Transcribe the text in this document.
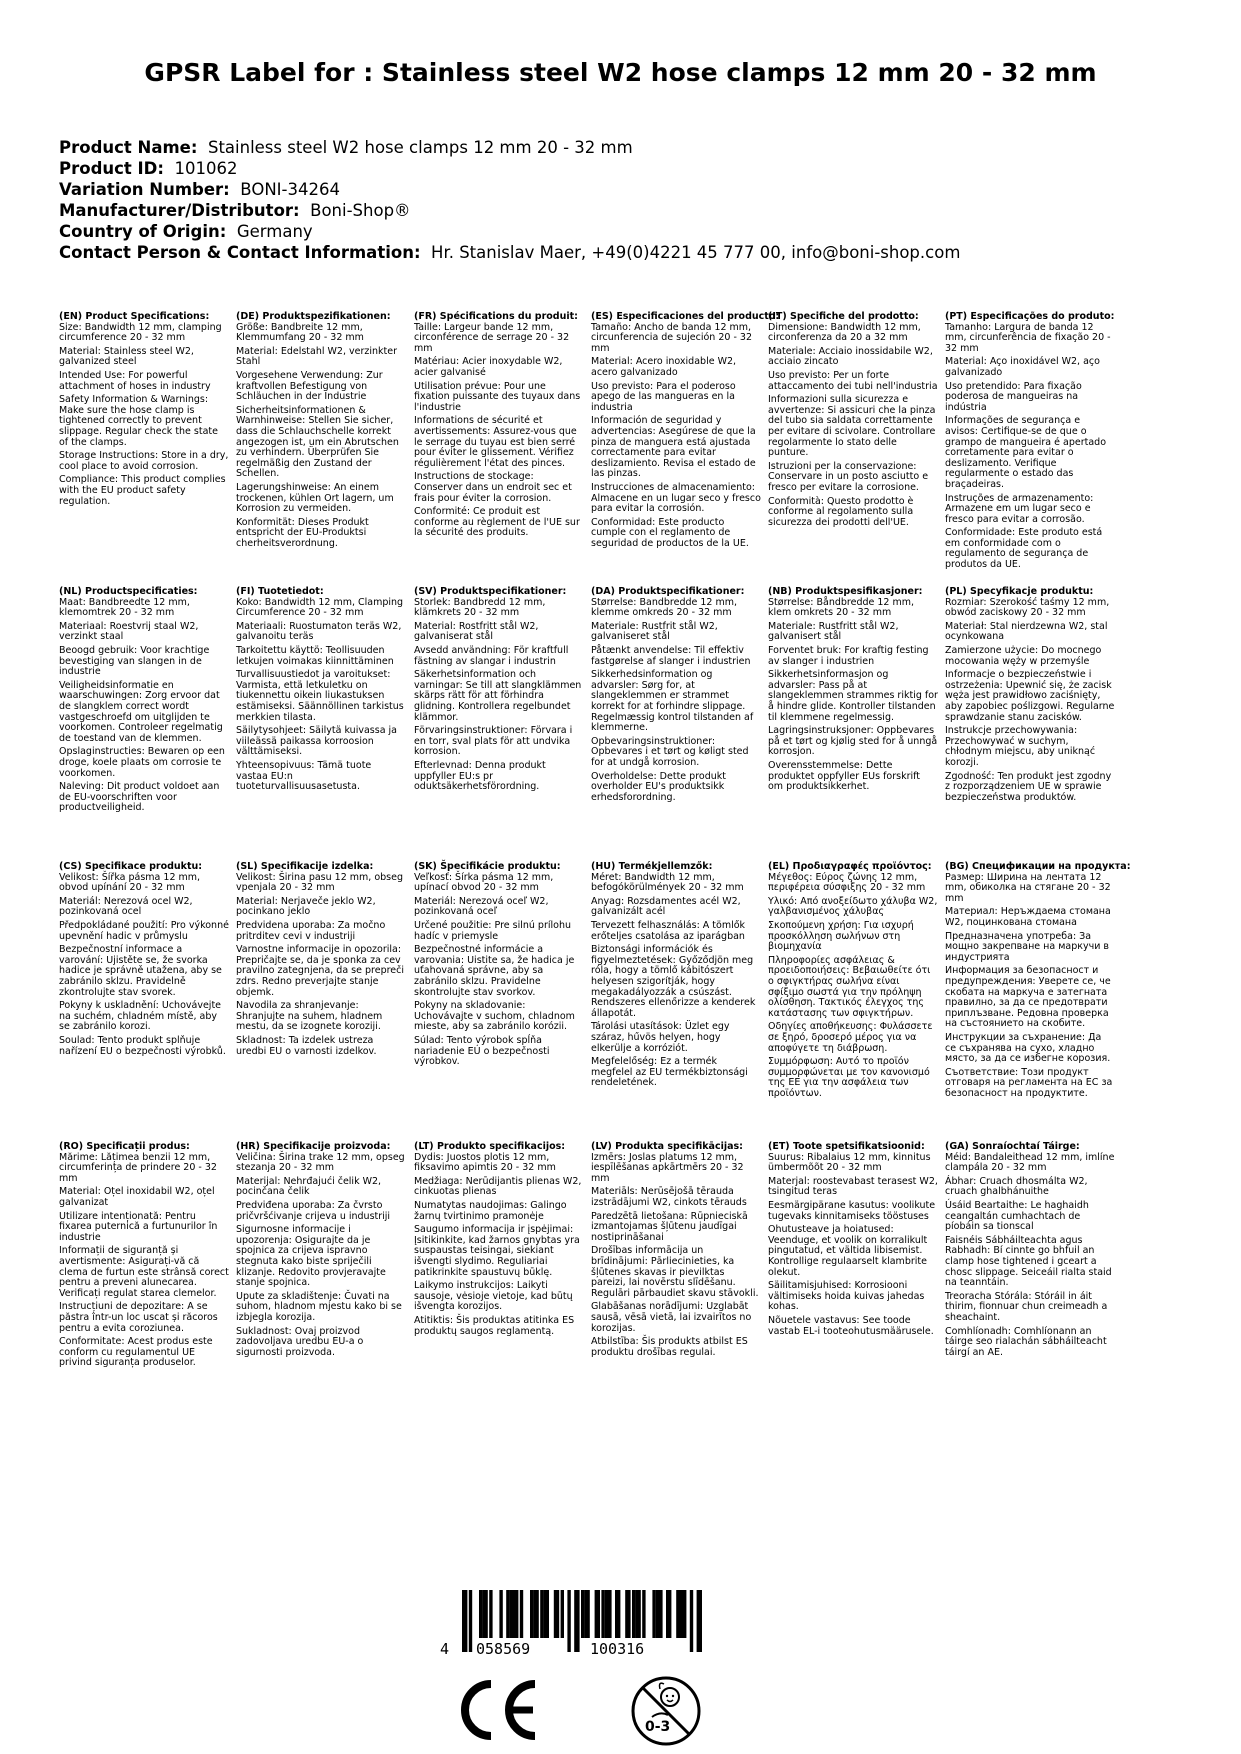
GPSR Label for : Stainless steel W2 hose clamps 12 mm 20 - 32 mm
Product Name: Stainless steel W2 hose clamps 12 mm 20 - 32 mm
Product ID: 101062
Variation Number: BONI-34264
Manufacturer/Distributor: Boni-Shop®
Country of Origin: Germany
Contact Person & Contact Information: Hr. Stanislav Maer, +49(0)4221 45 777 00, info@boni-shop.com
(EN) Product Specifications:

Size: Bandwidth 12 mm, clamping circumference 20 - 32 mm

Material: Stainless steel W2, galvanized steel

Intended Use: For powerful attachment of hoses in industry

Safety Information & Warnings: Make sure the hose clamp is tightened correctly to prevent slippage. Regular check the state of the clamps.

Storage Instructions: Store in a dry, cool place to avoid corrosion.

Compliance: This product complies with the EU product safety regulation.

(DE) Produktspezifikationen:

Größe: Bandbreite 12 mm, Klemmumfang 20 - 32 mm

Material: Edelstahl W2, verzinkter Stahl

Vorgesehene Verwendung: Zur kraftvollen Befestigung von Schläuchen in der Industrie

Sicherheitsinformationen & Warnhinweise: Stellen Sie sicher, dass die Schlauchschelle korrekt angezogen ist, um ein Abrutschen zu verhindern. Überprüfen Sie regelmäßig den Zustand der Schellen.

Lagerungshinweise: An einem trockenen, kühlen Ort lagern, um Korrosion zu vermeiden.

Konformität: Dieses Produkt entspricht der EU-Produktsi cherheitsverordnung.

(FR) Spécifications du produit:

Taille: Largeur bande 12 mm, circonférence de serrage 20 - 32 mm

Matériau: Acier inoxydable W2, acier galvanisé

Utilisation prévue: Pour une fixation puissante des tuyaux dans l'industrie

Informations de sécurité et avertissements: Assurez-vous que le serrage du tuyau est bien serré pour éviter le glissement. Vérifiez régulièrement l'état des pinces.

Instructions de stockage: Conserver dans un endroit sec et frais pour éviter la corrosion.

Conformité: Ce produit est conforme au règlement de l'UE sur la sécurité des produits.

(ES) Especificaciones del producto:

Tamaño: Ancho de banda 12 mm, circunferencia de sujeción 20 - 32 mm

Material: Acero inoxidable W2, acero galvanizado

Uso previsto: Para el poderoso apego de las mangueras en la industria

Información de seguridad y advertencias: Asegúrese de que la pinza de manguera está ajustada correctamente para evitar deslizamiento. Revisa el estado de las pinzas.

Instrucciones de almacenamiento: Almacene en un lugar seco y fresco para evitar la corrosión.

Conformidad: Este producto cumple con el reglamento de seguridad de productos de la UE.

(IT) Specifiche del prodotto:

Dimensione: Bandwidth 12 mm, circonferenza da 20 a 32 mm

Materiale: Acciaio inossidabile W2, acciaio zincato

Uso previsto: Per un forte attaccamento dei tubi nell'industria

Informazioni sulla sicurezza e avvertenze: Si assicuri che la pinza del tubo sia saldata correttamente per evitare di scivolare. Controllare regolarmente lo stato delle punture.

Istruzioni per la conservazione: Conservare in un posto asciutto e fresco per evitare la corrosione.

Conformità: Questo prodotto è conforme al regolamento sulla sicurezza dei prodotti dell'UE.

(PT) Especificações do produto:

Tamanho: Largura de banda 12 mm, circunferência de fixação 20 - 32 mm

Material: Aço inoxidável W2, aço galvanizado

Uso pretendido: Para fixação poderosa de mangueiras na indústria

Informações de segurança e avisos: Certifique-se de que o grampo de mangueira é apertado corretamente para evitar o deslizamento. Verifique regularmente o estado das braçadeiras.

Instruções de armazenamento: Armazene em um lugar seco e fresco para evitar a corrosão.

Conformidade: Este produto está em conformidade com o regulamento de segurança de produtos da UE.

(NL) Productspecificaties:

Maat: Bandbreedte 12 mm, klemomtrek 20 - 32 mm

Materiaal: Roestvrij staal W2, verzinkt staal

Beoogd gebruik: Voor krachtige bevestiging van slangen in de industrie

Veiligheidsinformatie en waarschuwingen: Zorg ervoor dat de slangklem correct wordt vastgeschroefd om uitglijden te voorkomen. Controleer regelmatig de toestand van de klemmen.

Opslaginstructies: Bewaren op een droge, koele plaats om corrosie te voorkomen.

Naleving: Dit product voldoet aan de EU-voorschriften voor productveiligheid.

(FI) Tuotetiedot:

Koko: Bandwidth 12 mm, Clamping Circumference 20 - 32 mm

Materiaali: Ruostumaton teräs W2, galvanoitu teräs

Tarkoitettu käyttö: Teollisuuden letkujen voimakas kiinnittäminen

Turvallisuustiedot ja varoitukset: Varmista, että letkuletku on tiukennettu oikein liukastuksen estämiseksi. Säännöllinen tarkistus merkkien tilasta.

Säilytysohjeet: Säilytä kuivassa ja viileässä paikassa korroosion välttämiseksi.

Yhteensopivuus: Tämä tuote vastaa EU:n tuoteturvallisuusasetusta.

(SV) Produktspecifikationer:

Storlek: Bandbredd 12 mm, klämkrets 20 - 32 mm

Material: Rostfritt stål W2, galvaniserat stål

Avsedd användning: För kraftfull fästning av slangar i industrin

Säkerhetsinformation och varningar: Se till att slangklämmen skärps rätt för att förhindra glidning. Kontrollera regelbundet klämmor.

Förvaringsinstruktioner: Förvara i en torr, sval plats för att undvika korrosion.

Efterlevnad: Denna produkt uppfyller EU:s pr oduktsäkerhetsförordning.

(DA) Produktspecifikationer:

Størrelse: Bandbredde 12 mm, klemme omkreds 20 - 32 mm

Materiale: Rustfrit stål W2, galvaniseret stål

Påtænkt anvendelse: Til effektiv fastgørelse af slanger i industrien

Sikkerhedsinformation og advarsler: Sørg for, at slangeklemmen er strammet korrekt for at forhindre slippage. Regelmæssig kontrol tilstanden af klemmerne.

Opbevaringsinstruktioner: Opbevares i et tørt og køligt sted for at undgå korrosion.

Overholdelse: Dette produkt overholder EU's produktsikk erhedsforordning.

(NB) Produktspesifikasjoner:

Størrelse: Båndbredde 12 mm, klem omkrets 20 - 32 mm

Materiale: Rustfritt stål W2, galvanisert stål

Forventet bruk: For kraftig festing av slanger i industrien

Sikkerhetsinformasjon og advarsler: Pass på at slangeklemmen strammes riktig for å hindre glide. Kontroller tilstanden til klemmene regelmessig.

Lagringsinstruksjoner: Oppbevares på et tørt og kjølig sted for å unngå korrosjon.

Overensstemmelse: Dette produktet oppfyller EUs forskrift om produktsikkerhet.

(PL) Specyfikacje produktu:

Rozmiar: Szerokość taśmy 12 mm, obwód zaciskowy 20 - 32 mm

Materiał: Stal nierdzewna W2, stal ocynkowana

Zamierzone użycie: Do mocnego mocowania węży w przemyśle

Informacje o bezpieczeństwie i ostrzeżenia: Upewnić się, że zacisk węża jest prawidłowo zaciśnięty, aby zapobiec poślizgowi. Regularne sprawdzanie stanu zacisków.

Instrukcje przechowywania: Przechowywać w suchym, chłodnym miejscu, aby uniknąć korozji.

Zgodność: Ten produkt jest zgodny z rozporządzeniem UE w sprawie bezpieczeństwa produktów.

(CS) Specifikace produktu:

Velikost: Šířka pásma 12 mm, obvod upínání 20 - 32 mm

Materiál: Nerezová ocel W2, pozinkovaná ocel

Předpokládané použití: Pro výkonné upevnění hadic v průmyslu

Bezpečnostní informace a varování: Ujistěte se, že svorka hadice je správně utažena, aby se zabránilo sklzu. Pravidelně zkontrolujte stav svorek.

Pokyny k uskladnění: Uchovávejte na suchém, chladném místě, aby se zabránilo korozi.

Soulad: Tento produkt splňuje nařízení EU o bezpečnosti výrobků.

(SL) Specifikacije izdelka:

Velikost: Širina pasu 12 mm, obseg vpenjala 20 - 32 mm

Material: Nerjaveče jeklo W2, pocinkano jeklo

Predvidena uporaba: Za močno pritrditev cevi v industriji

Varnostne informacije in opozorila: Prepričajte se, da je sponka za cev pravilno zategnjena, da se prepreči zdrs. Redno preverjajte stanje objemk.

Navodila za shranjevanje: Shranjujte na suhem, hladnem mestu, da se izognete koroziji.

Skladnost: Ta izdelek ustreza uredbi EU o varnosti izdelkov.

(SK) Špecifikácie produktu:

Veľkosť: Šírka pásma 12 mm, upínací obvod 20 - 32 mm

Materiál: Nerezová oceľ W2, pozinkovaná oceľ

Určené použitie: Pre silnú prílohu hadíc v priemysle

Bezpečnostné informácie a varovania: Uistite sa, že hadica je uťahovaná správne, aby sa zabránilo sklzu. Pravidelne skontrolujte stav svorkov.

Pokyny na skladovanie: Uchovávajte v suchom, chladnom mieste, aby sa zabránilo korózii.

Súlad: Tento výrobok spĺňa nariadenie EÚ o bezpečnosti výrobkov.

(HU) Termékjellemzők:

Méret: Bandwidth 12 mm, befogókörülmények 20 - 32 mm

Anyag: Rozsdamentes acél W2, galvanizált acél

Tervezett felhasználás: A tömlők erőteljes csatolása az iparágban

Biztonsági információk és figyelmeztetések: Győződjön meg róla, hogy a tömlő kábitószert helyesen szigorítják, hogy megakadályozzák a csúszást. Rendszeres ellenőrizze a kenderek állapotát.

Tárolási utasítások: Üzlet egy száraz, hűvös helyen, hogy elkerülje a korróziót.

Megfelelőség: Ez a termék megfelel az EU termékbiztonsági rendeletének.

(EL) Προδιαγραφές προϊόντος:

Μέγεθος: Εύρος ζώνης 12 mm, περιφέρεια σύσφιξης 20 - 32 mm

Υλικό: Από ανοξείδωτο χάλυβα W2, γαλβανισμένος χάλυβας

Σκοπούμενη χρήση: Για ισχυρή προσκόλληση σωλήνων στη βιομηχανία

Πληροφορίες ασφάλειας & προειδοποιήσεις: Βεβαιωθείτε ότι ο σφιγκτήρας σωλήνα είναι σφίξιμο σωστά για την πρόληψη ολίσθηση. Τακτικός έλεγχος της κατάστασης των σφιγκτήρων.

Οδηγίες αποθήκευσης: Φυλάσσετε σε ξηρό, δροσερό μέρος για να αποφύγετε τη διάβρωση.

Συμμόρφωση: Αυτό το προϊόν συμμορφώνεται με τον κανονισμό της ΕΕ για την ασφάλεια των προϊόντων.

(BG) Спецификации на продукта:

Размер: Ширина на лентата 12 mm, обиколка на стягане 20 - 32 mm

Материал: Неръждаема стомана W2, поцинкована стомана

Предназначена употреба: За мощно закрепване на маркучи в индустрията

Информация за безопасност и предупреждения: Уверете се, че скобата на маркуча е затегната правилно, за да се предотврати приплъзване. Редовна проверка на състоянието на скобите.

Инструкции за съхранение: Да се съхранява на сухо, хладно място, за да се избегне корозия.

Съответствие: Този продукт отговаря на регламента на ЕС за безопасност на продуктите.

(RO) Specificații produs:

Mărime: Lățimea benzii 12 mm, circumferința de prindere 20 - 32 mm

Material: Oțel inoxidabil W2, oțel galvanizat

Utilizare intenționată: Pentru fixarea puternică a furtunurilor în industrie

Informații de siguranță și avertismente: Asigurați-vă că clema de furtun este strânsă corect pentru a preveni alunecarea. Verificați regulat starea clemelor.

Instrucțiuni de depozitare: A se păstra într-un loc uscat și răcoros pentru a evita coroziunea.

Conformitate: Acest produs este conform cu regulamentul UE privind siguranța produselor.

(HR) Specifikacije proizvoda:

Veličina: Širina trake 12 mm, opseg stezanja 20 - 32 mm

Materijal: Nehrđajući čelik W2, pocinčana čelik

Predviđena uporaba: Za čvrsto pričvršćivanje crijeva u industriji

Sigurnosne informacije i upozorenja: Osigurajte da je spojnica za crijeva ispravno stegnuta kako biste spriječili klizanje. Redovito provjeravajte stanje spojnica.

Upute za skladištenje: Čuvati na suhom, hladnom mjestu kako bi se izbjegla korozija.

Sukladnost: Ovaj proizvod zadovoljava uredbu EU-a o sigurnosti proizvoda.

(LT) Produkto specifikacijos:

Dydis: Juostos plotis 12 mm, fiksavimo apimtis 20 - 32 mm

Medžiaga: Nerūdijantis plienas W2, cinkuotas plienas

Numatytas naudojimas: Galingo žarnų tvirtinimo pramonėje

Saugumo informacija ir įspėjimai: Įsitikinkite, kad žarnos gnybtas yra suspaustas teisingai, siekiant išvengti slydimo. Reguliariai patikrinkite spaustuvų būklę.

Laikymo instrukcijos: Laikyti sausoje, vėsioje vietoje, kad būtų išvengta korozijos.

Atitiktis: Šis produktas atitinka ES produktų saugos reglamentą.

(LV) Produkta specifikācijas:

Izmērs: Joslas platums 12 mm, iespīlēšanas apkārtmērs 20 - 32 mm

Materiāls: Nerūsējošā tērauda izstrādājumi W2, cinkots tērauds

Paredzētā lietošana: Rūpnieciskā izmantojamas šļūtenu jaudīgai nostiprināšanai

Drošības informācija un brīdinājumi: Pārliecinieties, ka šļūtenes skavas ir pievilktas pareizi, lai novērstu slīdēšanu. Regulāri pārbaudiet skavu stāvokli.

Glabāšanas norādījumi: Uzglabāt sausā, vēsā vietā, lai izvairītos no korozijas.

Atbilstība: Šis produkts atbilst ES produktu drošības regulai.

(ET) Toote spetsifikatsioonid:

Suurus: Ribalaius 12 mm, kinnitus ümbermõõt 20 - 32 mm

Materjal: roostevabast terasest W2, tsingitud teras

Eesmärgipärane kasutus: voolikute tugevaks kinnitamiseks tööstuses

Ohutusteave ja hoiatused: Veenduge, et voolik on korralikult pingutatud, et vältida libisemist. Kontrollige regulaarselt klambrite olekut.

Säilitamisjuhised: Korrosiooni vältimiseks hoida kuivas jahedas kohas.

Nõuetele vastavus: See toode vastab EL-i tooteohutusmäärusele.

(GA) Sonraíochtaí Táirge:

Méid: Bandaleithead 12 mm, imlíne clampála 20 - 32 mm

Ábhar: Cruach dhosmálta W2, cruach ghalbhánuithe

Úsáid Beartaithe: Le haghaidh ceangaltán cumhachtach de píobáin sa tionscal

Faisnéis Sábháilteachta agus Rabhadh: Bí cinnte go bhfuil an clamp hose tightened i gceart a chosc slippage. Seiceáil rialta staid na teanntáin.

Treoracha Stórála: Stóráil in áit thirim, fionnuar chun creimeadh a sheachaint.

Comhlíonadh: Comhlíonann an táirge seo rialachán sábháilteacht táirgí an AE.

4 058569	100316
0-3
